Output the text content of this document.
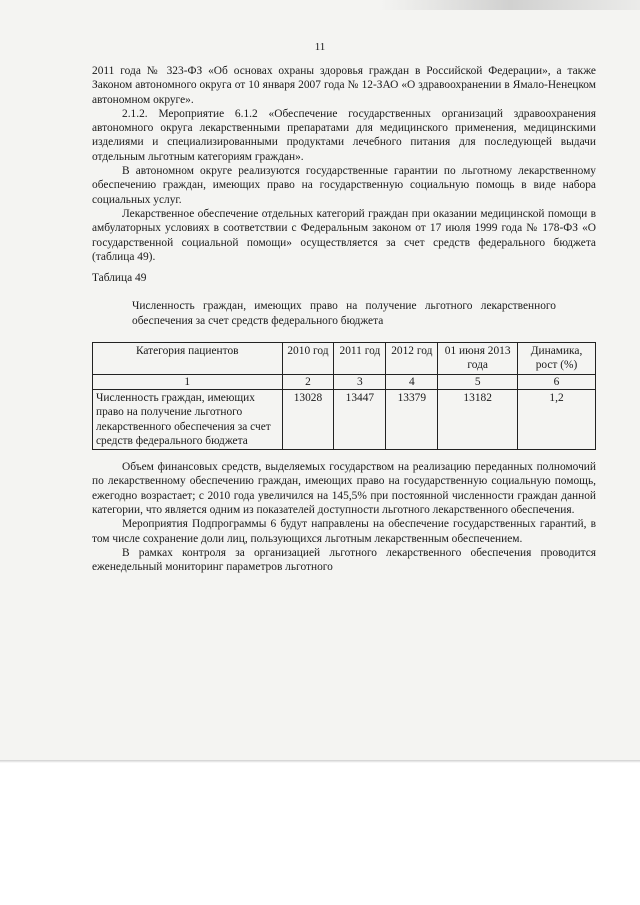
11

2011 года № 323-ФЗ «Об основах охраны здоровья граждан в Российской Федерации», а также Законом автономного округа от 10 января 2007 года № 12-ЗАО «О здравоохранении в Ямало-Ненецком автономном округе».

2.1.2. Мероприятие 6.1.2 «Обеспечение государственных организаций здравоохранения автономного округа лекарственными препаратами для медицинского применения, медицинскими изделиями и специализированными продуктами лечебного питания для последующей выдачи отдельным льготным категориям граждан».

В автономном округе реализуются государственные гарантии по льготному лекарственному обеспечению граждан, имеющих право на государственную социальную помощь в виде набора социальных услуг.

Лекарственное обеспечение отдельных категорий граждан при оказании медицинской помощи в амбулаторных условиях в соответствии с Федеральным законом от 17 июля 1999 года № 178-ФЗ «О государственной социальной помощи» осуществляется за счет средств федерального бюджета (таблица 49).

Таблица 49

Численность граждан, имеющих право на получение льготного лекарственного обеспечения за счет средств федерального бюджета

Категория пациентов	2010 год	2011 год	2012 год	01 июня 2013 года	Динамика, рост (%)
1	2	3	4	5	6
Численность граждан, имеющих право на получение льготного лекарственного обеспечения за счет средств федерального бюджета	13028	13447	13379	13182	1,2

Объем финансовых средств, выделяемых государством на реализацию переданных полномочий по лекарственному обеспечению граждан, имеющих право на государственную социальную помощь, ежегодно возрастает; с 2010 года увеличился на 145,5% при постоянной численности граждан данной категории, что является одним из показателей доступности льготного лекарственного обеспечения.

Мероприятия Подпрограммы 6 будут направлены на обеспечение государственных гарантий, в том числе сохранение доли лиц, пользующихся льготным лекарственным обеспечением.

В рамках контроля за организацией льготного лекарственного обеспечения проводится еженедельный мониторинг параметров льготного
